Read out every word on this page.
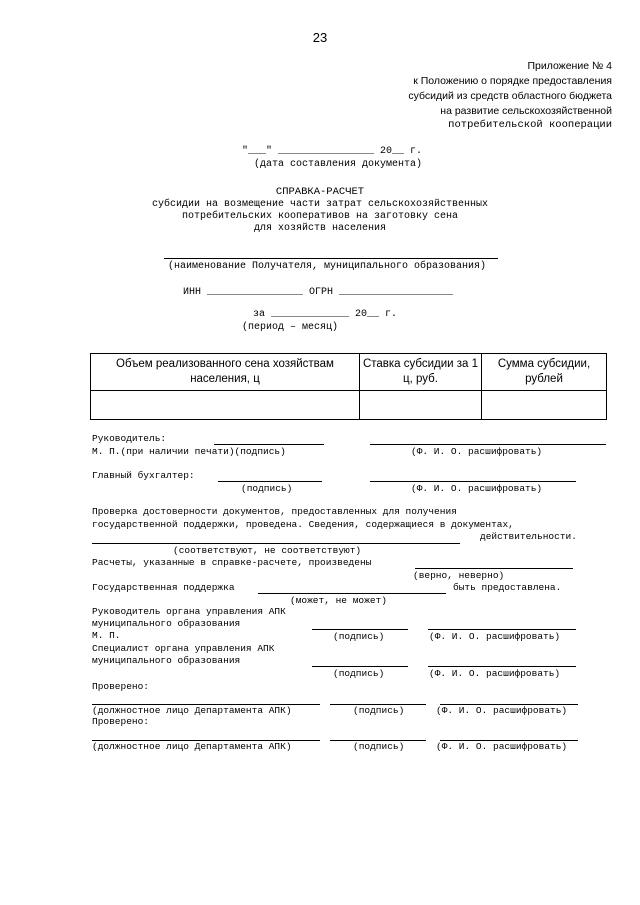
23
Приложение № 4
к Положению о порядке предоставления
субсидий из средств областного бюджета
на развитие сельскохозяйственной
потребительской кооперации
"___" ________________ 20__ г.
(дата составления документа)
СПРАВКА-РАСЧЕТ
субсидии на возмещение части затрат сельскохозяйственных
потребительских кооперативов на заготовку сена
для хозяйств населения
(наименование Получателя, муниципального образования)
ИНН ________________ ОГРН ___________________
за _____________ 20__ г.
(период – месяц)
Объем реализованного сена хозяйствам населения, ц	Ставка субсидии за 1 ц, руб.	Сумма субсидии, рублей

Руководитель:
М. П.(при наличии печати)(подпись)	(Ф. И. О. расшифровать)
Главный бухгалтер:
(подпись)	(Ф. И. О. расшифровать)
Проверка достоверности документов, предоставленных для получения
государственной поддержки, проведена. Сведения, содержащиеся в документах,
действительности.
(соответствуют, не соответствуют)
Расчеты, указанные в справке-расчете, произведены
(верно, неверно)
Государственная поддержка	быть предоставлена.
(может, не может)
Руководитель органа управления АПК
муниципального образования
М. П.	(подпись)	(Ф. И. О. расшифровать)
Специалист органа управления АПК
муниципального образования
(подпись)	(Ф. И. О. расшифровать)
Проверено:
(должностное лицо Департамента АПК)	(подпись)	(Ф. И. О. расшифровать)
Проверено:
(должностное лицо Департамента АПК)	(подпись)	(Ф. И. О. расшифровать)
